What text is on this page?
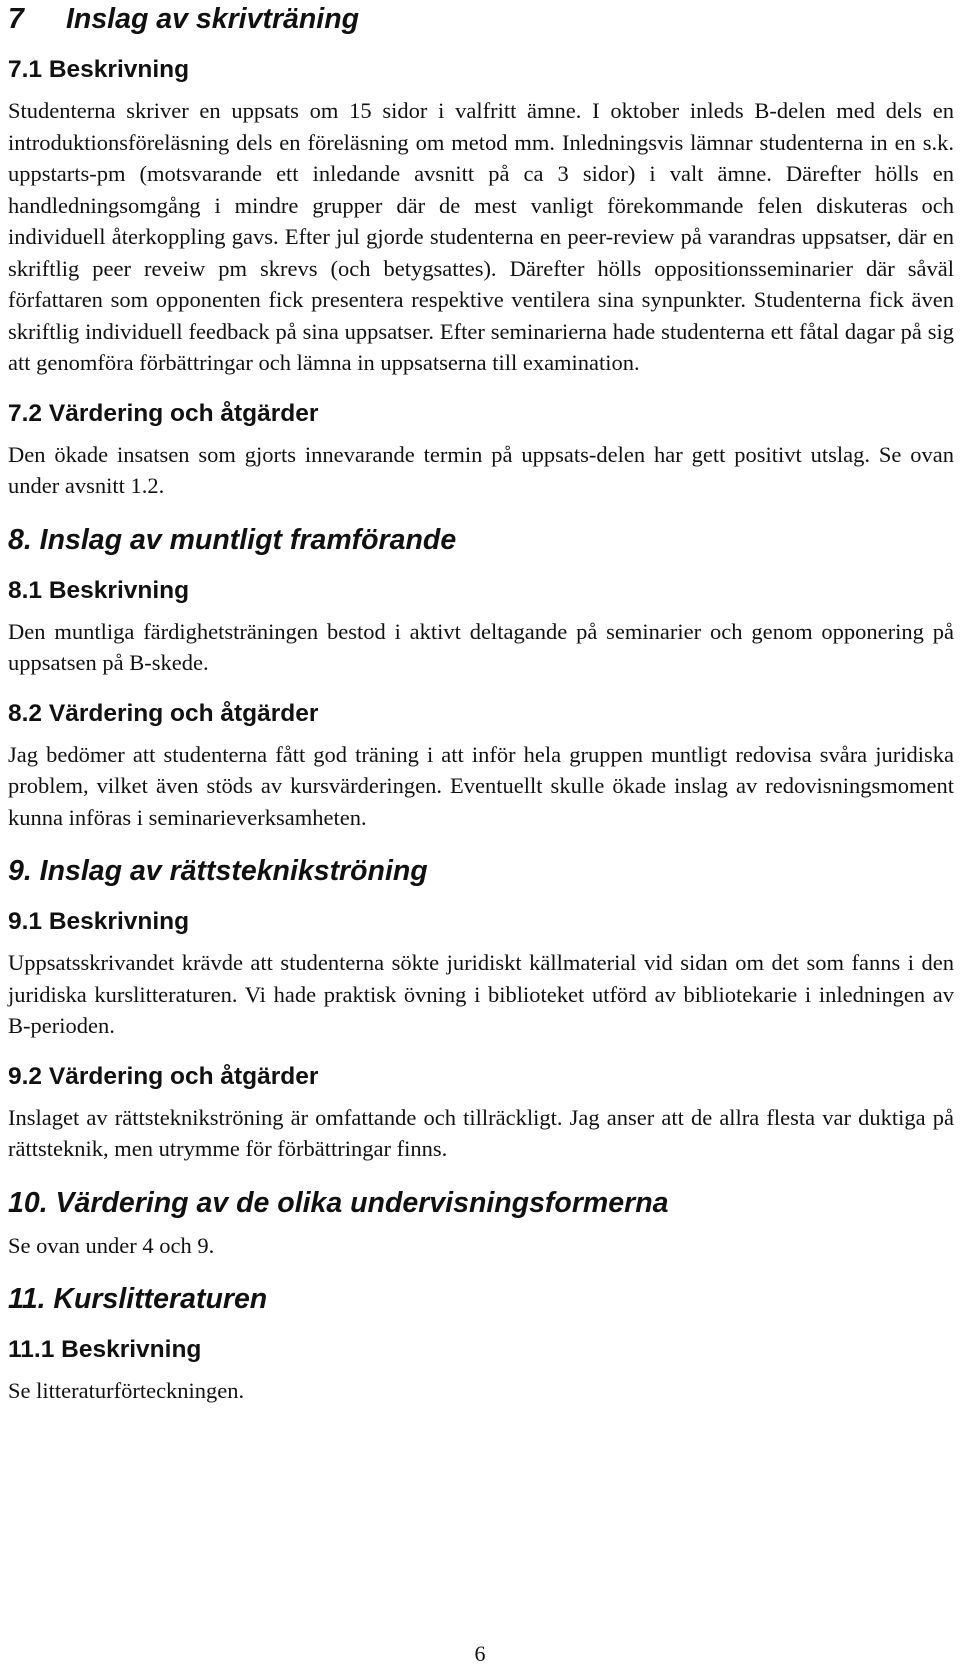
7 Inslag av skrivträning
7.1 Beskrivning

Studenterna skriver en uppsats om 15 sidor i valfritt ämne. I oktober inleds B-delen med dels en introduktionsföreläsning dels en föreläsning om metod mm. Inledningsvis lämnar studenterna in en s.k. uppstarts-pm (motsvarande ett inledande avsnitt på ca 3 sidor) i valt ämne. Därefter hölls en handledningsomgång i mindre grupper där de mest vanligt förekommande felen diskuteras och individuell återkoppling gavs. Efter jul gjorde studenterna en peer-review på varandras uppsatser, där en skriftlig peer reveiw pm skrevs (och betygsattes). Därefter hölls oppositionsseminarier där såväl författaren som opponenten fick presentera respektive ventilera sina synpunkter. Studenterna fick även skriftlig individuell feedback på sina uppsatser. Efter seminarierna hade studenterna ett fåtal dagar på sig att genomföra förbättringar och lämna in uppsatserna till examination.

7.2 Värdering och åtgärder

Den ökade insatsen som gjorts innevarande termin på uppsats-delen har gett positivt utslag. Se ovan under avsnitt 1.2.

8. Inslag av muntligt framförande
8.1 Beskrivning

Den muntliga färdighetsträningen bestod i aktivt deltagande på seminarier och genom opponering på uppsatsen på B-skede.

8.2 Värdering och åtgärder

Jag bedömer att studenterna fått god träning i att inför hela gruppen muntligt redovisa svåra juridiska problem, vilket även stöds av kursvärderingen. Eventuellt skulle ökade inslag av redovisningsmoment kunna införas i seminarieverksamheten.

9. Inslag av rättsteknikströning
9.1 Beskrivning

Uppsatsskrivandet krävde att studenterna sökte juridiskt källmaterial vid sidan om det som fanns i den juridiska kurslitteraturen. Vi hade praktisk övning i biblioteket utförd av bibliotekarie i inledningen av B-perioden.

9.2 Värdering och åtgärder

Inslaget av rättsteknikströning är omfattande och tillräckligt. Jag anser att de allra flesta var duktiga på rättsteknik, men utrymme för förbättringar finns.

10. Värdering av de olika undervisningsformerna

Se ovan under 4 och 9.

11. Kurslitteraturen
11.1 Beskrivning

Se litteraturförteckningen.

6
